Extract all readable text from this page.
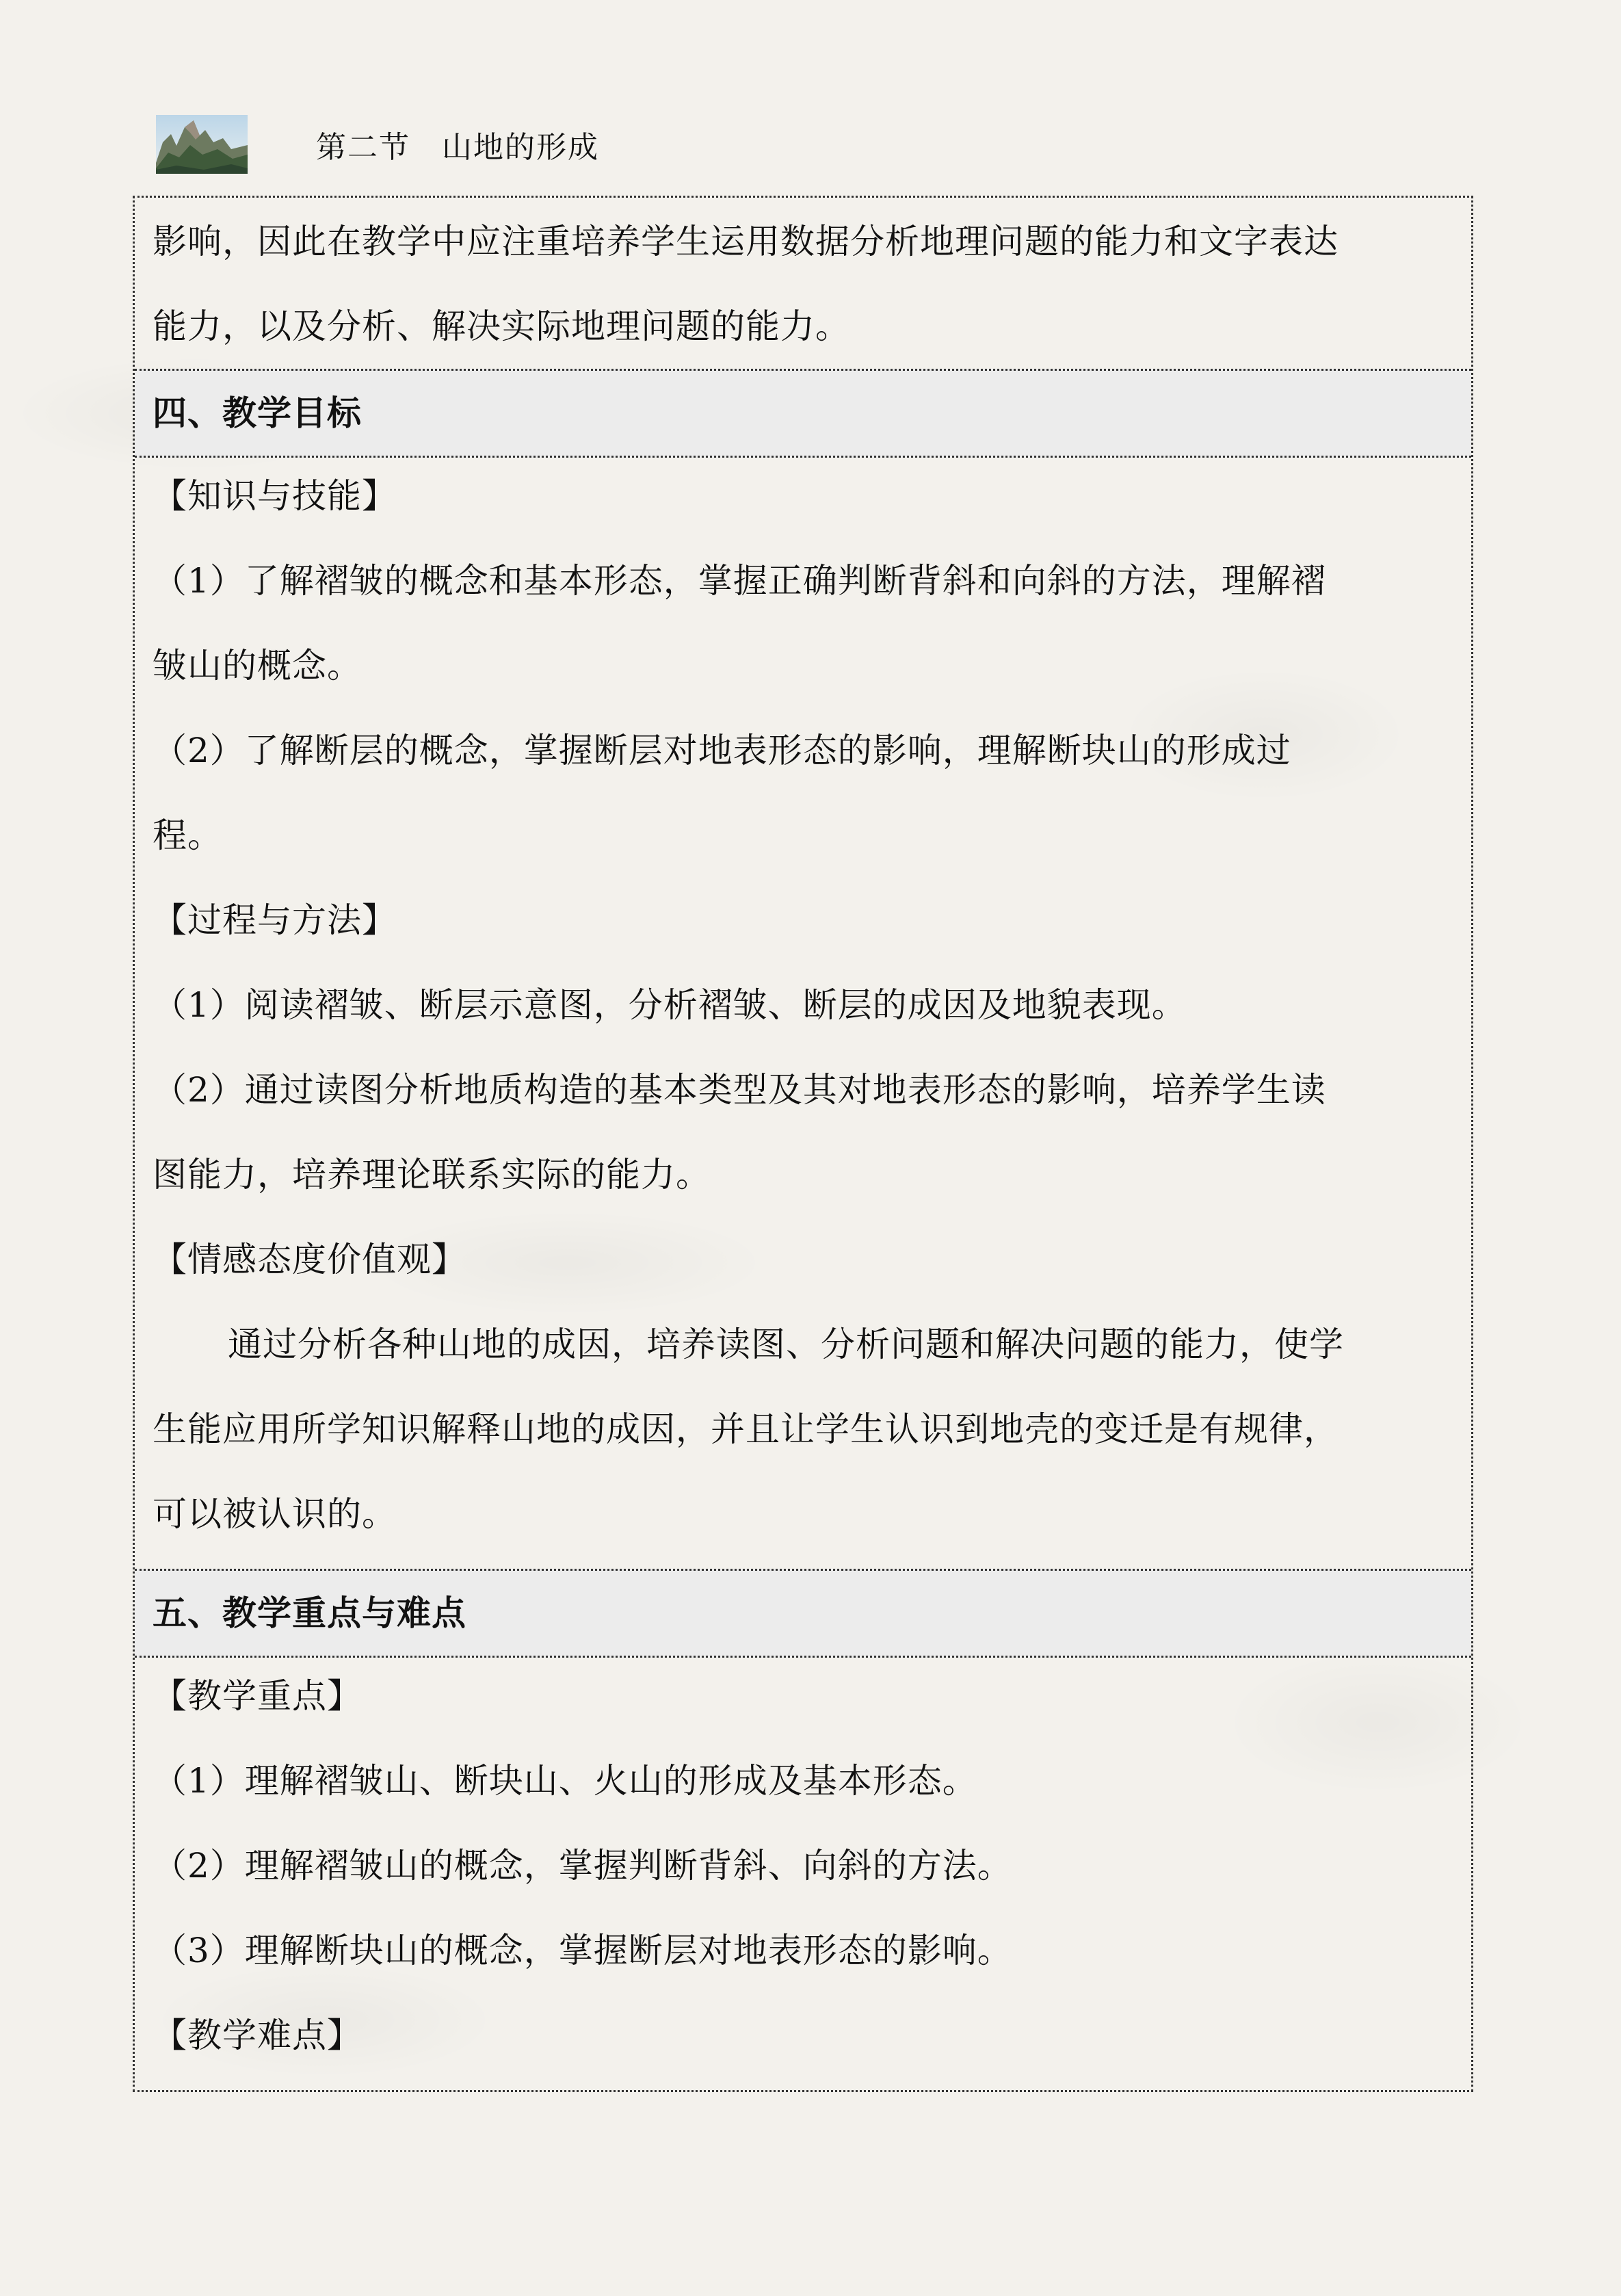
第二节　山地的形成
影响，因此在教学中应注重培养学生运用数据分析地理问题的能力和文字表达
能力，以及分析、解决实际地理问题的能力。
四、教学目标
【知识与技能】
（1）了解褶皱的概念和基本形态，掌握正确判断背斜和向斜的方法，理解褶
皱山的概念。
（2）了解断层的概念，掌握断层对地表形态的影响，理解断块山的形成过
程。
【过程与方法】
（1）阅读褶皱、断层示意图，分析褶皱、断层的成因及地貌表现。
（2）通过读图分析地质构造的基本类型及其对地表形态的影响，培养学生读
图能力，培养理论联系实际的能力。
【情感态度价值观】
通过分析各种山地的成因，培养读图、分析问题和解决问题的能力，使学
生能应用所学知识解释山地的成因，并且让学生认识到地壳的变迁是有规律，
可以被认识的。
五、教学重点与难点
【教学重点】
（1）理解褶皱山、断块山、火山的形成及基本形态。
（2）理解褶皱山的概念，掌握判断背斜、向斜的方法。
（3）理解断块山的概念，掌握断层对地表形态的影响。
【教学难点】
